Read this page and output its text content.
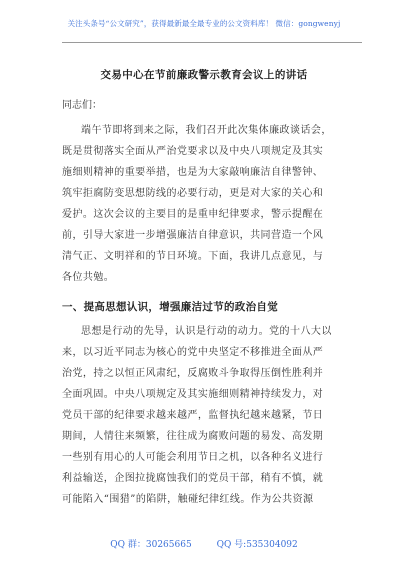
关注头条号“公文研究”，获得最新最全最专业的公文资料库！ 微信：gongwenyj
交易中心在节前廉政警示教育会议上的讲话
同志们：
端午节即将到来之际，我们召开此次集体廉政谈话会，
既是贯彻落实全面从严治党要求以及中央八项规定及其实
施细则精神的重要举措，也是为大家敲响廉洁自律警钟、
筑牢拒腐防变思想防线的必要行动，更是对大家的关心和
爱护。这次会议的主要目的是重申纪律要求，警示提醒在
前，引导大家进一步增强廉洁自律意识，共同营造一个风
清气正、文明祥和的节日环境。下面，我讲几点意见，与
各位共勉。
一、提高思想认识，增强廉洁过节的政治自觉
思想是行动的先导，认识是行动的动力。党的十八大以
来，以习近平同志为核心的党中央坚定不移推进全面从严
治党，持之以恒正风肃纪，反腐败斗争取得压倒性胜利并
全面巩固。中央八项规定及其实施细则精神持续发力，对
党员干部的纪律要求越来越严，监督执纪越来越紧，节日
期间，人情往来频繁，往往成为腐败问题的易发、高发期
一些别有用心的人可能会利用节日之机，以各种名义进行
利益输送，企图拉拢腐蚀我们的党员干部，稍有不慎，就
可能陷入“围猎”的陷阱，触碰纪律红线。作为公共资源
QQ 群：30265665	QQ 号:535304092
